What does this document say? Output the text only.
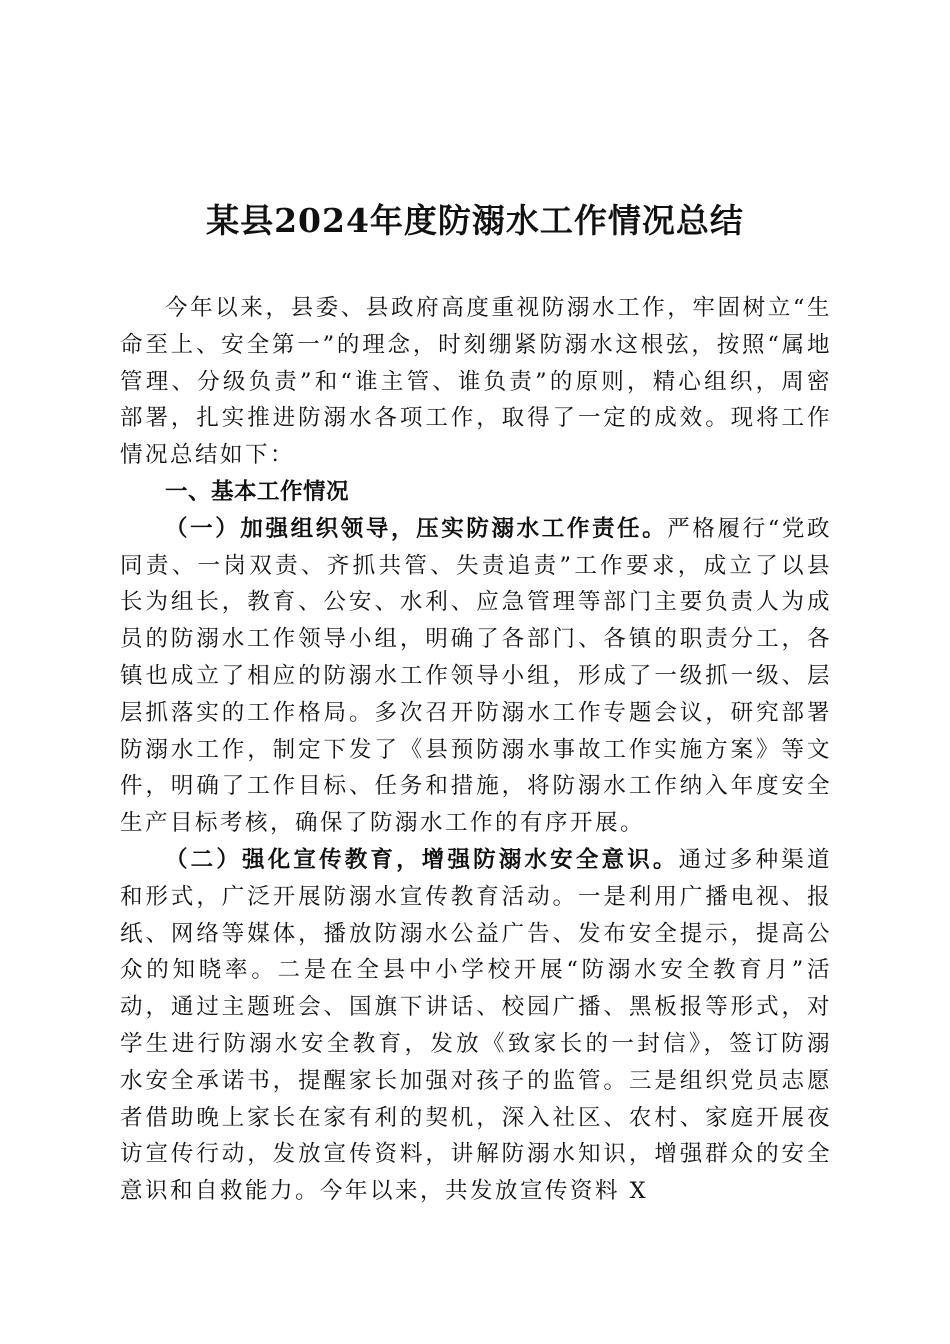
某县2024年度防溺水工作情况总结

今年以来，县委、县政府高度重视防溺水工作，牢固树立“生命至上、安全第一”的理念，时刻绷紧防溺水这根弦，按照“属地管理、分级负责”和“谁主管、谁负责”的原则，精心组织，周密部署，扎实推进防溺水各项工作，取得了一定的成效。现将工作情况总结如下：

一、基本工作情况

（一）加强组织领导，压实防溺水工作责任。严格履行“党政同责、一岗双责、齐抓共管、失责追责”工作要求，成立了以县长为组长，教育、公安、水利、应急管理等部门主要负责人为成员的防溺水工作领导小组，明确了各部门、各镇的职责分工，各镇也成立了相应的防溺水工作领导小组，形成了一级抓一级、层层抓落实的工作格局。多次召开防溺水工作专题会议，研究部署防溺水工作，制定下发了《县预防溺水事故工作实施方案》等文件，明确了工作目标、任务和措施，将防溺水工作纳入年度安全生产目标考核，确保了防溺水工作的有序开展。

（二）强化宣传教育，增强防溺水安全意识。通过多种渠道和形式，广泛开展防溺水宣传教育活动。一是利用广播电视、报纸、网络等媒体，播放防溺水公益广告、发布安全提示，提高公众的知晓率。二是在全县中小学校开展“防溺水安全教育月”活动，通过主题班会、国旗下讲话、校园广播、黑板报等形式，对学生进行防溺水安全教育，发放《致家长的一封信》，签订防溺水安全承诺书，提醒家长加强对孩子的监管。三是组织党员志愿者借助晚上家长在家有利的契机，深入社区、农村、家庭开展夜访宣传行动，发放宣传资料，讲解防溺水知识，增强群众的安全意识和自救能力。今年以来，共发放宣传资料 X
